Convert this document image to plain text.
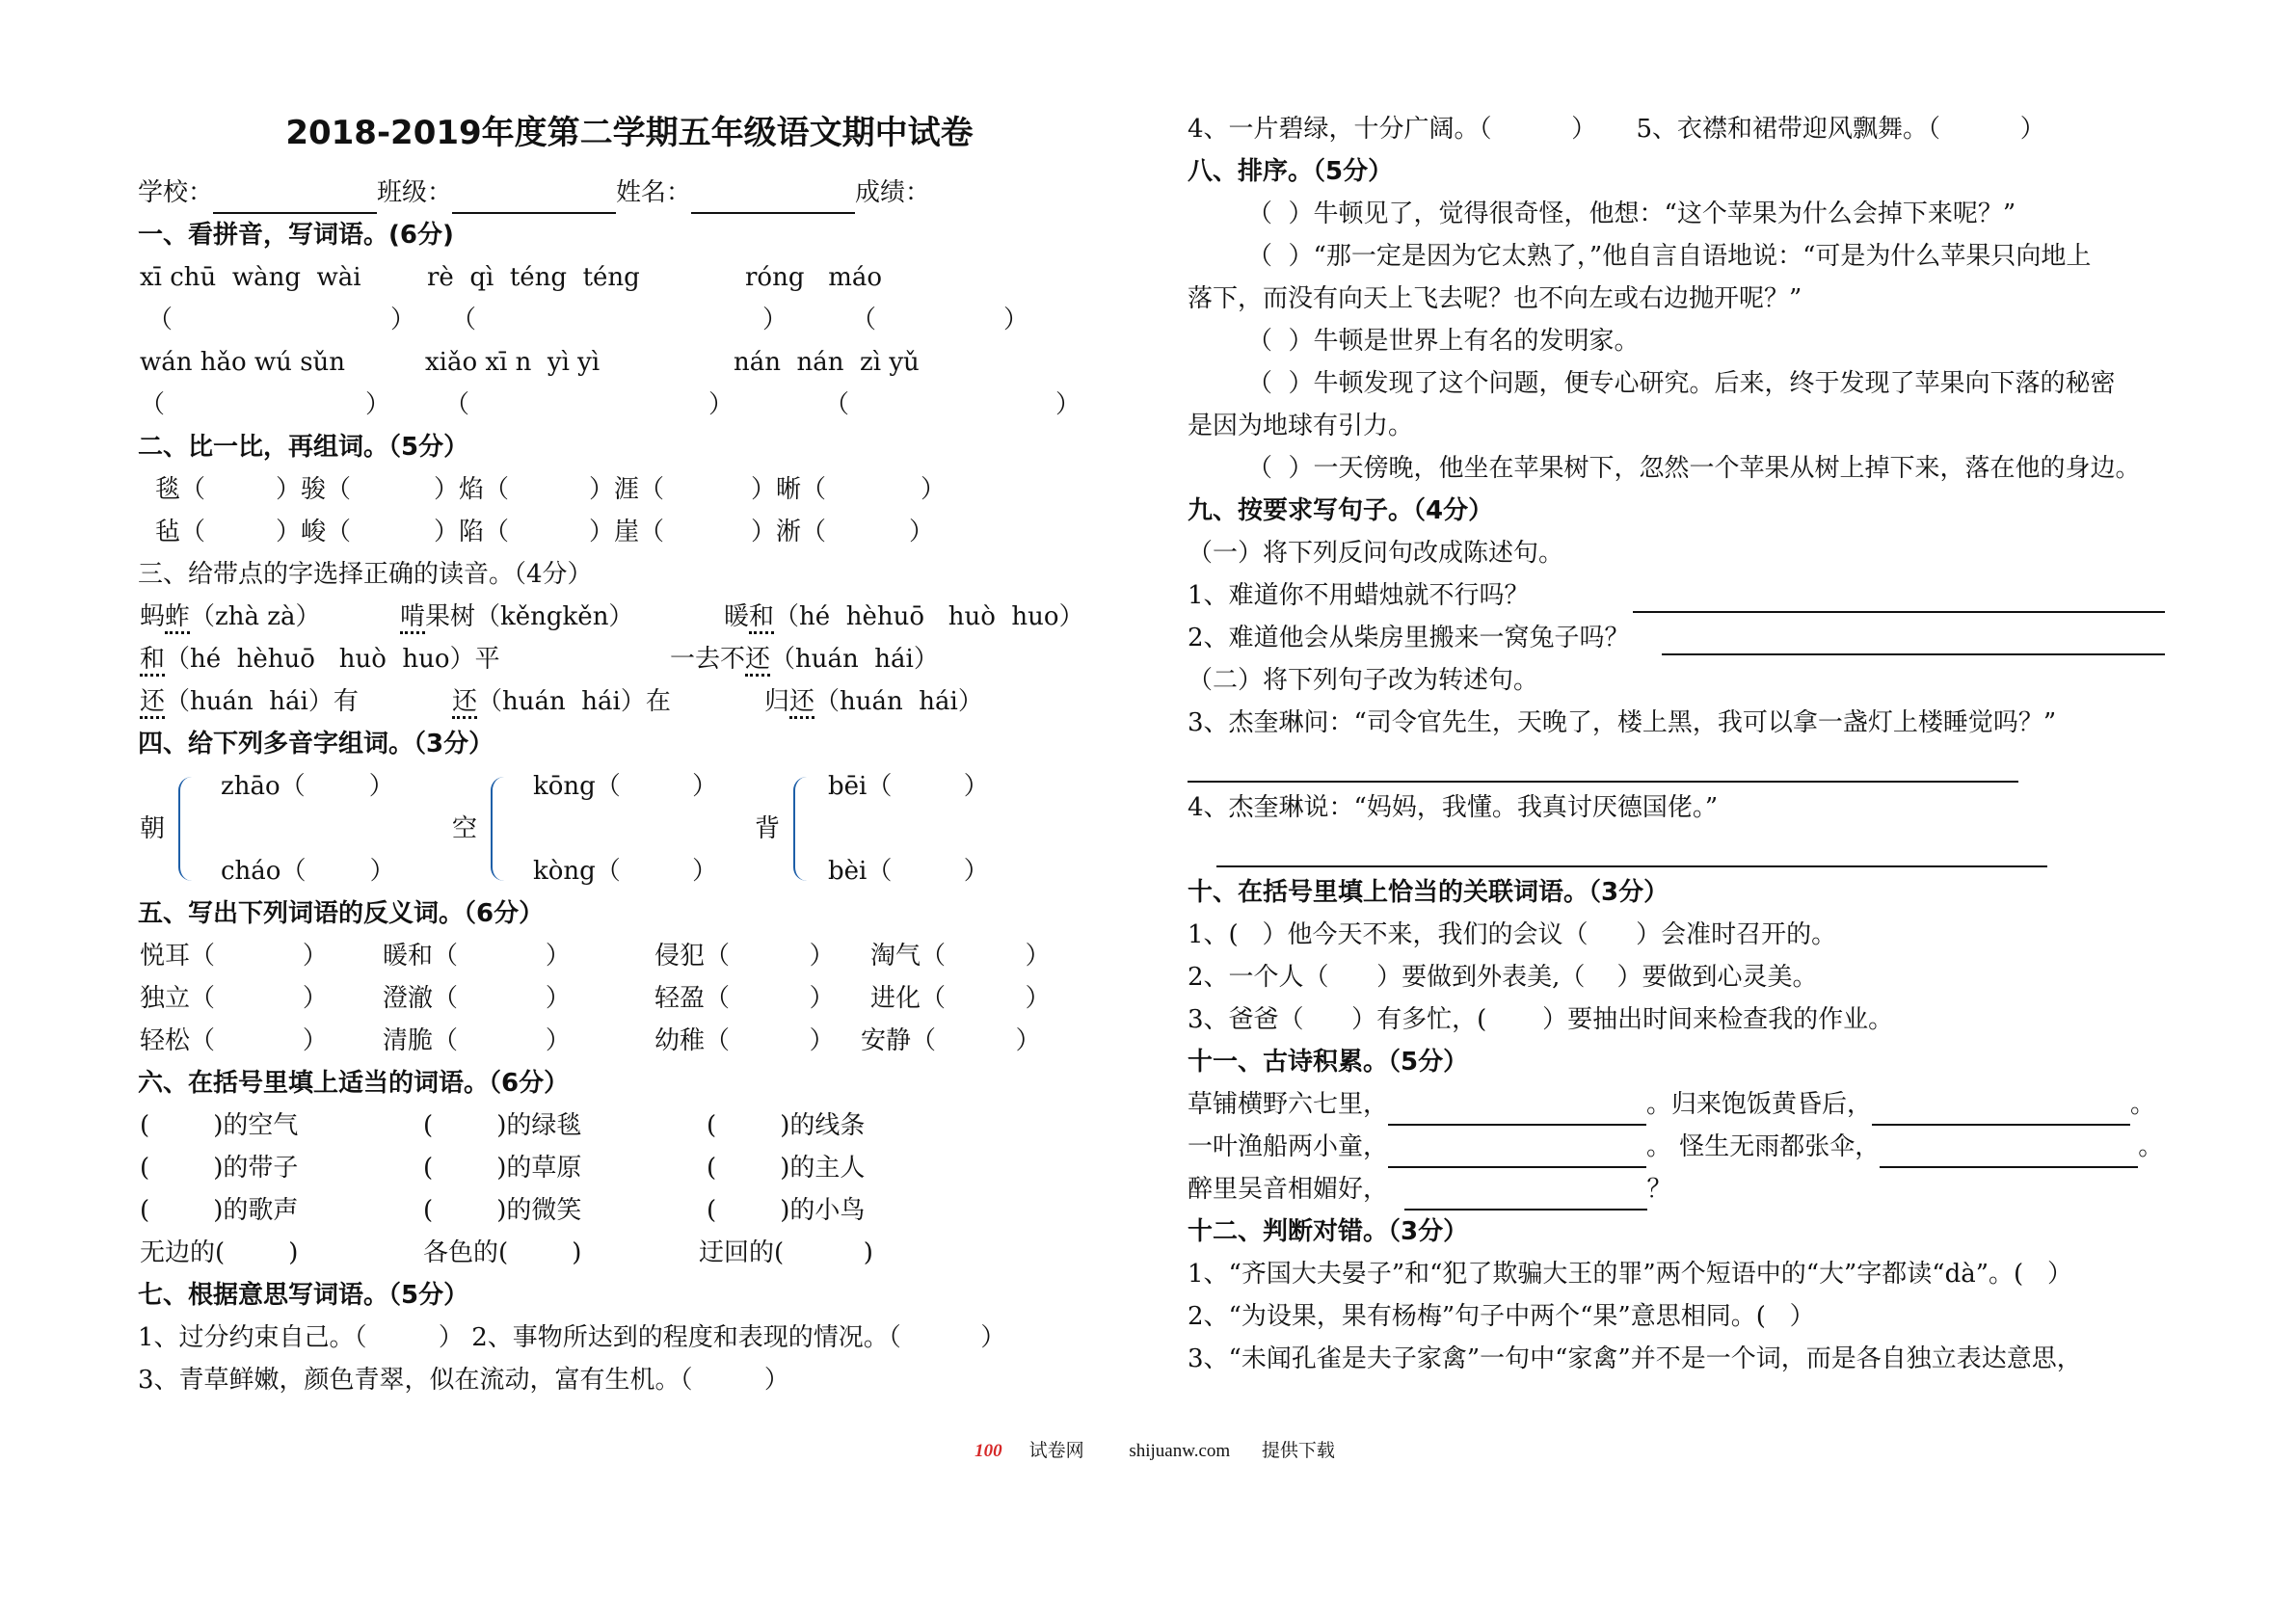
2018-2019年度第二学期五年级语文期中试卷
学校：	班级：	姓名：	成绩：
一、看拼音，写词语。(6分)
xī chū  wàng  wài	rè  qì  téng  téng	róng   máo
（	） （	）	（	）
wán hǎo wú sǔn	xiǎo xī n  yì yì	nán  nán  zì yǔ
（	） （	）	（	）
二、比一比，再组词。（5分）
毯（	）骏（	）焰（	）涯（	）晰（	）
毡（	）峻（	）陷（	）崖（	）淅（	）
三、给带点的字选择正确的读音。（4分）
蚂蚱（zhà zà）	啃果树（kěngkěn）	暖和（hé  hèhuō   huò  huo）
和（hé  hèhuō   huò  huo）平	一去不还（huán  hái）
还（huán  hái）有	还（huán  hái）在	归还（huán  hái）
四、给下列多音字组词。（3分）
朝
zhāo（        ）
cháo（        ）
空
kōng（         ）
kòng（         ）
背
bēi（         ）
bèi（         ）
五、写出下列词语的反义词。（6分）
悦耳（           ） 暖和（           ）	侵犯（          ） 淘气（          ）
独立（           ） 澄澈（           ）	轻盈（          ） 进化（          ）
轻松（           ） 清脆（           ）	幼稚（          ） 安静（          ）
六、在括号里填上适当的词语。（6分）
(        )的空气	(        )的绿毯	(        )的线条
(        )的带子	(        )的草原	(        )的主人
(        )的歌声	(        )的微笑	(        )的小鸟
无边的(        )	各色的(        )	迂回的(          )
七、根据意思写词语。（5分）
1、过分约束自己。（         ） 2、事物所达到的程度和表现的情况。（          ）
3、青草鲜嫩，颜色青翠，似在流动，富有生机。（         ）
4、一片碧绿，十分广阔。（          ）     5、衣襟和裙带迎风飘舞。（          ）
八、排序。（5分）
（  ）牛顿见了，觉得很奇怪，他想：“这个苹果为什么会掉下来呢？”
（  ）“那一定是因为它太熟了，”他自言自语地说：“可是为什么苹果只向地上
落下，而没有向天上飞去呢？也不向左或右边抛开呢？”
（  ）牛顿是世界上有名的发明家。
（  ）牛顿发现了这个问题，便专心研究。后来，终于发现了苹果向下落的秘密
是因为地球有引力。
（  ）一天傍晚，他坐在苹果树下，忽然一个苹果从树上掉下来，落在他的身边。
九、按要求写句子。（4分）
（一）将下列反问句改成陈述句。
1、难道你不用蜡烛就不行吗？
2、难道他会从柴房里搬来一窝兔子吗？
（二）将下列句子改为转述句。
3、杰奎琳问：“司令官先生，天晚了，楼上黑，我可以拿一盏灯上楼睡觉吗？”
4、杰奎琳说：“妈妈，我懂。我真讨厌德国佬。”
十、在括号里填上恰当的关联词语。（3分）
1、(   ）他今天不来，我们的会议（      ）会准时召开的。
2、一个人（      ）要做到外表美,（    ）要做到心灵美。
3、爸爸（      ）有多忙，(       ）要抽出时间来检查我的作业。
十一、古诗积累。（5分）
草铺横野六七里，	。归来饱饭黄昏后，	。
一叶渔船两小童，	。 怪生无雨都张伞，	。
醉里吴音相媚好，	？
十二、判断对错。（3分）
1、“齐国大夫晏子”和“犯了欺骗大王的罪”两个短语中的“大”字都读“dà”。(   ）
2、“为设果，果有杨梅”句子中两个“果”意思相同。(   ）
3、“未闻孔雀是夫子家禽”一句中“家禽”并不是一个词，而是各自独立表达意思，
100 试卷网 shijuanw.com 提供下载
